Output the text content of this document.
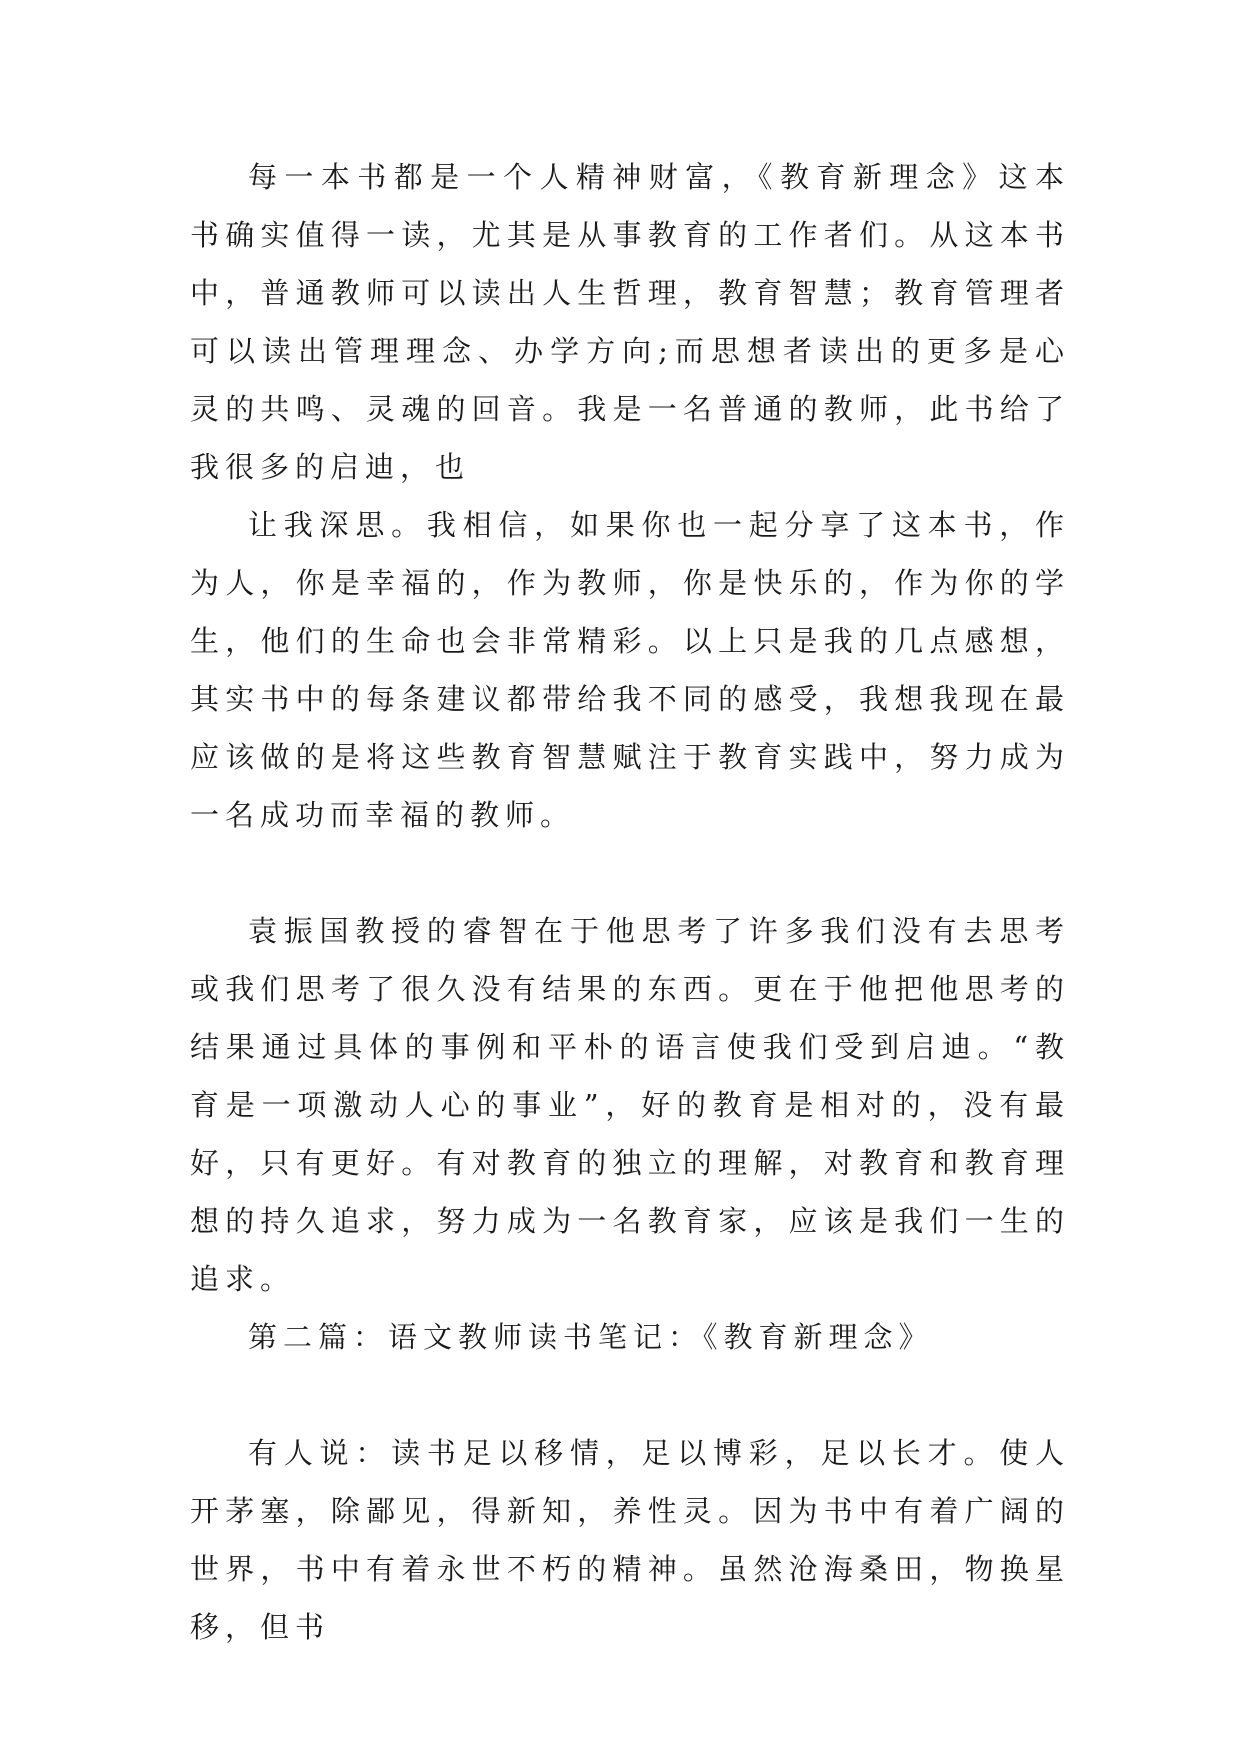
每一本书都是一个人精神财富，《教育新理念》这本书确实值得一读，尤其是从事教育的工作者们。从这本书中，普通教师可以读出人生哲理，教育智慧；教育管理者可以读出管理理念、办学方向;而思想者读出的更多是心灵的共鸣、灵魂的回音。我是一名普通的教师，此书给了我很多的启迪，也

让我深思。我相信，如果你也一起分享了这本书，作为人，你是幸福的，作为教师，你是快乐的，作为你的学生，他们的生命也会非常精彩。以上只是我的几点感想，其实书中的每条建议都带给我不同的感受，我想我现在最应该做的是将这些教育智慧赋注于教育实践中，努力成为一名成功而幸福的教师。

袁振国教授的睿智在于他思考了许多我们没有去思考或我们思考了很久没有结果的东西。更在于他把他思考的结果通过具体的事例和平朴的语言使我们受到启迪。“教育是一项激动人心的事业”，好的教育是相对的，没有最好，只有更好。有对教育的独立的理解，对教育和教育理想的持久追求，努力成为一名教育家，应该是我们一生的追求。

第二篇：语文教师读书笔记：《教育新理念》

有人说：读书足以移情，足以博彩，足以长才。使人开茅塞，除鄙见，得新知，养性灵。因为书中有着广阔的世界，书中有着永世不朽的精神。虽然沧海桑田，物换星移，但书
